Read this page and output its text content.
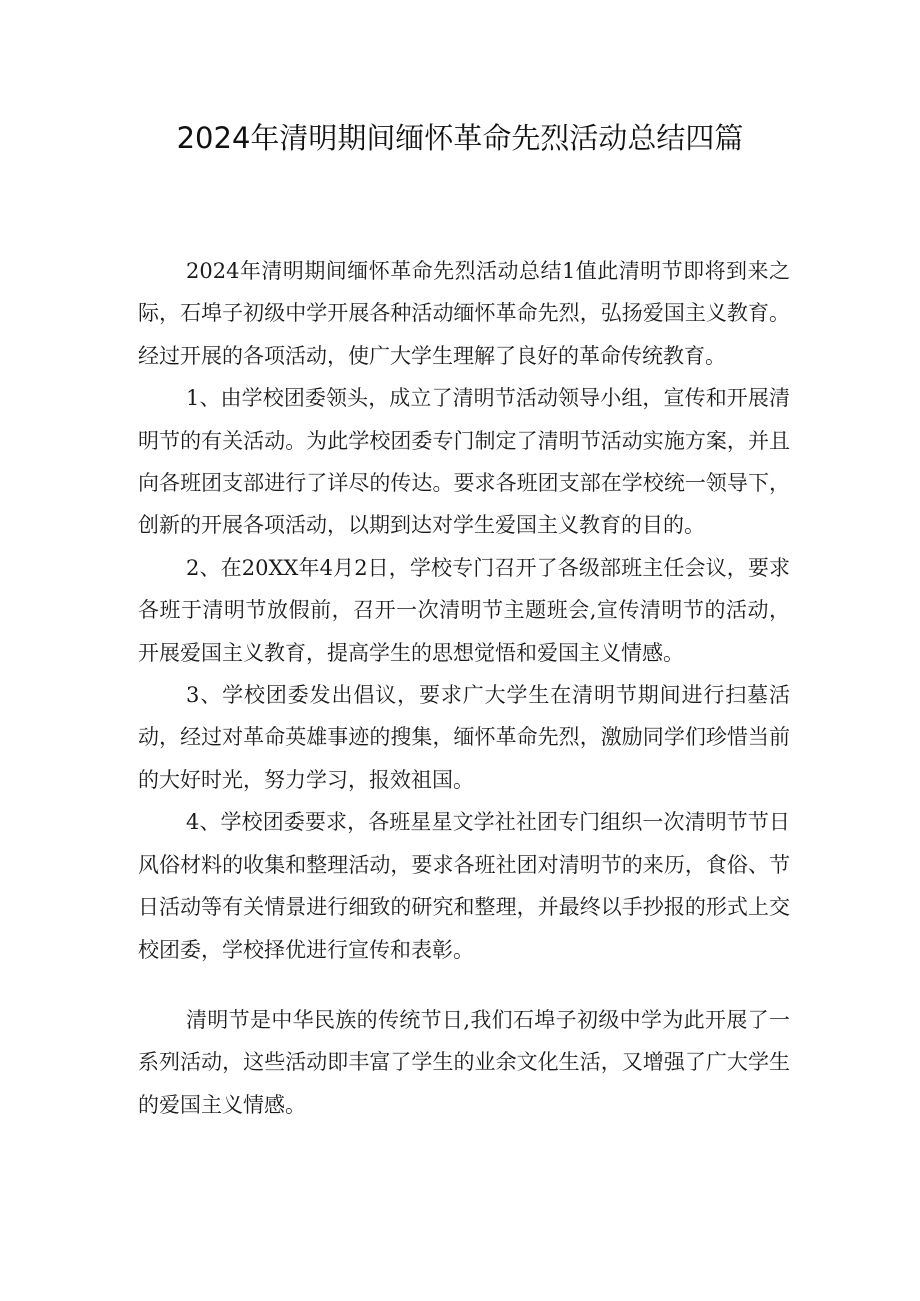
2024年清明期间缅怀革命先烈活动总结四篇

2024年清明期间缅怀革命先烈活动总结1值此清明节即将到来之际，石埠子初级中学开展各种活动缅怀革命先烈，弘扬爱国主义教育。经过开展的各项活动，使广大学生理解了良好的革命传统教育。

1、由学校团委领头，成立了清明节活动领导小组，宣传和开展清明节的有关活动。为此学校团委专门制定了清明节活动实施方案，并且向各班团支部进行了详尽的传达。要求各班团支部在学校统一领导下，创新的开展各项活动，以期到达对学生爱国主义教育的目的。

2、在20XX年4月2日，学校专门召开了各级部班主任会议，要求各班于清明节放假前，召开一次清明节主题班会,宣传清明节的活动，开展爱国主义教育，提高学生的思想觉悟和爱国主义情感。

3、学校团委发出倡议，要求广大学生在清明节期间进行扫墓活动，经过对革命英雄事迹的搜集，缅怀革命先烈，激励同学们珍惜当前的大好时光，努力学习，报效祖国。

4、学校团委要求，各班星星文学社社团专门组织一次清明节节日风俗材料的收集和整理活动，要求各班社团对清明节的来历，食俗、节日活动等有关情景进行细致的研究和整理，并最终以手抄报的形式上交校团委，学校择优进行宣传和表彰。

清明节是中华民族的传统节日,我们石埠子初级中学为此开展了一系列活动，这些活动即丰富了学生的业余文化生活，又增强了广大学生的爱国主义情感。
